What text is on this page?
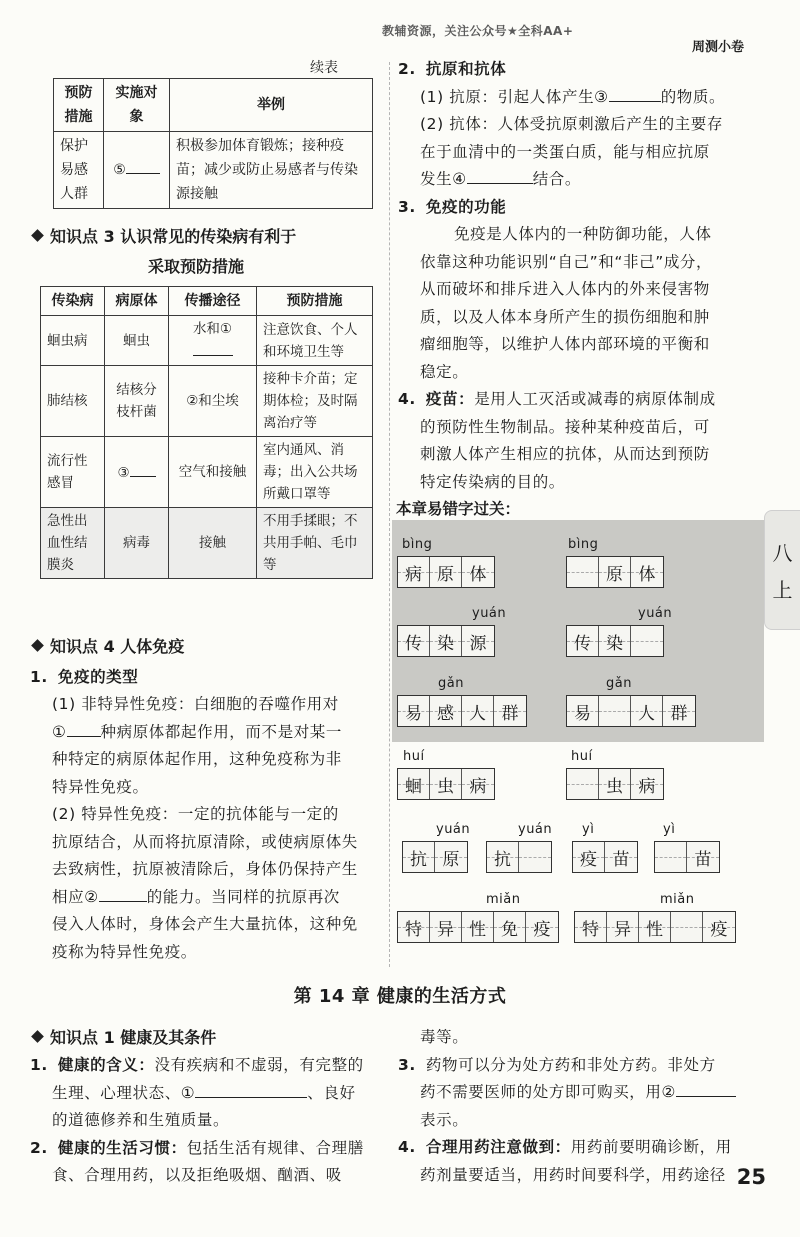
教辅资源，关注公众号★全科AA+
周测小卷
八
上
25
续表
预防措施	实施对象	举例
保护易感人群	⑤	积极参加体育锻炼；接种疫苗；减少或防止易感者与传染源接触
知识点 3 认识常见的传染病有利于
采取预防措施
传染病	病原体	传播途径	预防措施
蛔虫病	蛔虫	水和①	注意饮食、个人和环境卫生等
肺结核	结核分枝杆菌	②和尘埃	接种卡介苗；定期体检；及时隔离治疗等
流行性感冒	③	空气和接触	室内通风、消毒；出入公共场所戴口罩等
急性出血性结膜炎	病毒	接触	不用手揉眼；不共用手帕、毛巾等
知识点 4 人体免疫
1. 免疫的类型
(1) 非特异性免疫：白细胞的吞噬作用对
① 种病原体都起作用，而不是对某一
种特定的病原体起作用，这种免疫称为非
特异性免疫。
(2) 特异性免疫：一定的抗体能与一定的
抗原结合，从而将抗原清除，或使病原体失
去致病性，抗原被清除后，身体仍保持产生
相应②	的能力。当同样的抗原再次
侵入人体时，身体会产生大量抗体，这种免
疫称为特异性免疫。
2. 抗原和抗体
(1) 抗原：引起人体产生③	的物质。
(2) 抗体：人体受抗原刺激后产生的主要存
在于血清中的一类蛋白质，能与相应抗原
发生④	结合。
3. 免疫的功能
免疫是人体内的一种防御功能，人体
依靠这种功能识别“自己”和“非己”成分，
从而破坏和排斥进入人体内的外来侵害物
质，以及人体本身所产生的损伤细胞和肿
瘤细胞等，以维护人体内部环境的平衡和
稳定。
4. 疫苗：是用人工灭活或减毒的病原体制成
的预防性生物制品。接种某种疫苗后，可
刺激人体产生相应的抗体，从而达到预防
特定传染病的目的。
本章易错字过关：
bìng
病 原 体
bìng
原 体
yuán
传 染 源
yuán
传 染
gǎn
易 感 人 群
gǎn
易	人 群
huí
蛔 虫 病
huí
虫 病
yuán
抗 原
yuán
抗
yì
疫 苗
yì
苗
miǎn
特 异 性 免 疫
miǎn
特 异 性	疫
第 14 章 健康的生活方式
知识点 1 健康及其条件
1. 健康的含义：没有疾病和不虚弱，有完整的
生理、心理状态、①	、良好
的道德修养和生殖质量。
2. 健康的生活习惯：包括生活有规律、合理膳
食、合理用药，以及拒绝吸烟、酗酒、吸
毒等。
3. 药物可以分为处方药和非处方药。非处方
药不需要医师的处方即可购买，用②
表示。
4. 合理用药注意做到：用药前要明确诊断，用
药剂量要适当，用药时间要科学，用药途径
